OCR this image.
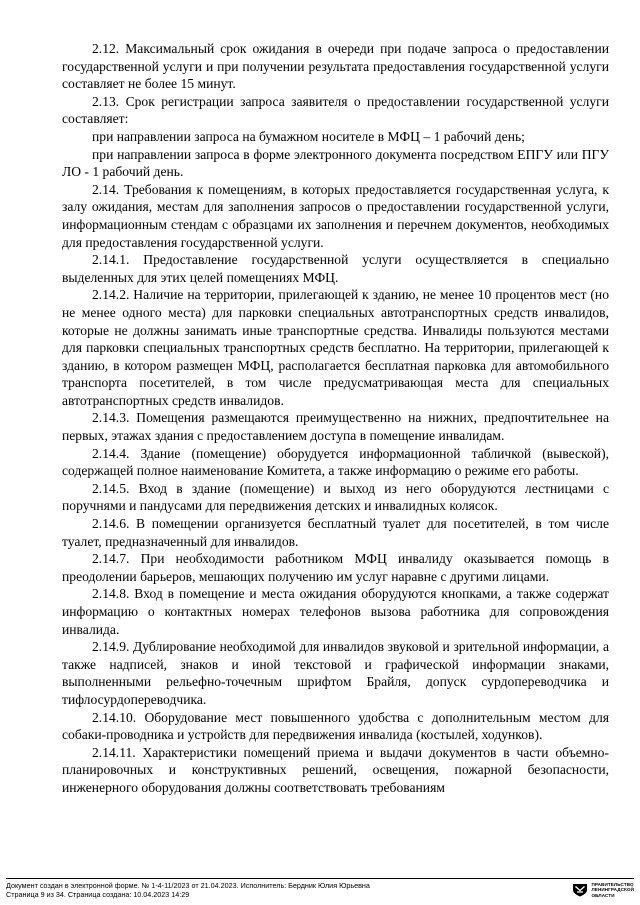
2.12. Максимальный срок ожидания в очереди при подаче запроса о предоставлении государственной услуги и при получении результата предоставления государственной услуги составляет не более 15 минут.

2.13. Срок регистрации запроса заявителя о предоставлении государственной услуги составляет:

при направлении запроса на бумажном носителе в МФЦ – 1 рабочий день;

при направлении запроса в форме электронного документа посредством ЕПГУ или ПГУ ЛО - 1 рабочий день.

2.14. Требования к помещениям, в которых предоставляется государственная услуга, к залу ожидания, местам для заполнения запросов о предоставлении государственной услуги, информационным стендам с образцами их заполнения и перечнем документов, необходимых для предоставления государственной услуги.

2.14.1. Предоставление государственной услуги осуществляется в специально выделенных для этих целей помещениях МФЦ.

2.14.2. Наличие на территории, прилегающей к зданию, не менее 10 процентов мест (но не менее одного места) для парковки специальных автотранспортных средств инвалидов, которые не должны занимать иные транспортные средства. Инвалиды пользуются местами для парковки специальных транспортных средств бесплатно. На территории, прилегающей к зданию, в котором размещен МФЦ, располагается бесплатная парковка для автомобильного транспорта посетителей, в том числе предусматривающая места для специальных автотранспортных средств инвалидов.

2.14.3. Помещения размещаются преимущественно на нижних, предпочтительнее на первых, этажах здания с предоставлением доступа в помещение инвалидам.

2.14.4. Здание (помещение) оборудуется информационной табличкой (вывеской), содержащей полное наименование Комитета, а также информацию о режиме его работы.

2.14.5. Вход в здание (помещение) и выход из него оборудуются лестницами с поручнями и пандусами для передвижения детских и инвалидных колясок.

2.14.6. В помещении организуется бесплатный туалет для посетителей, в том числе туалет, предназначенный для инвалидов.

2.14.7. При необходимости работником МФЦ инвалиду оказывается помощь в преодолении барьеров, мешающих получению им услуг наравне с другими лицами.

2.14.8. Вход в помещение и места ожидания оборудуются кнопками, а также содержат информацию о контактных номерах телефонов вызова работника для сопровождения инвалида.

2.14.9. Дублирование необходимой для инвалидов звуковой и зрительной информации, а также надписей, знаков и иной текстовой и графической информации знаками, выполненными рельефно-точечным шрифтом Брайля, допуск сурдопереводчика и тифлосурдопереводчика.

2.14.10. Оборудование мест повышенного удобства с дополнительным местом для собаки-проводника и устройств для передвижения инвалида (костылей, ходунков).

2.14.11. Характеристики помещений приема и выдачи документов в части объемно-планировочных и конструктивных решений, освещения, пожарной безопасности, инженерного оборудования должны соответствовать требованиям

Документ создан в электронной форме. № 1-4-11/2023 от 21.04.2023. Исполнитель: Бердник Юлия Юрьевна
Страница 9 из 34. Страница создана: 10.04.2023 14:29
ПРАВИТЕЛЬСТВО
ЛЕНИНГРАДСКОЙ
ОБЛАСТИ
